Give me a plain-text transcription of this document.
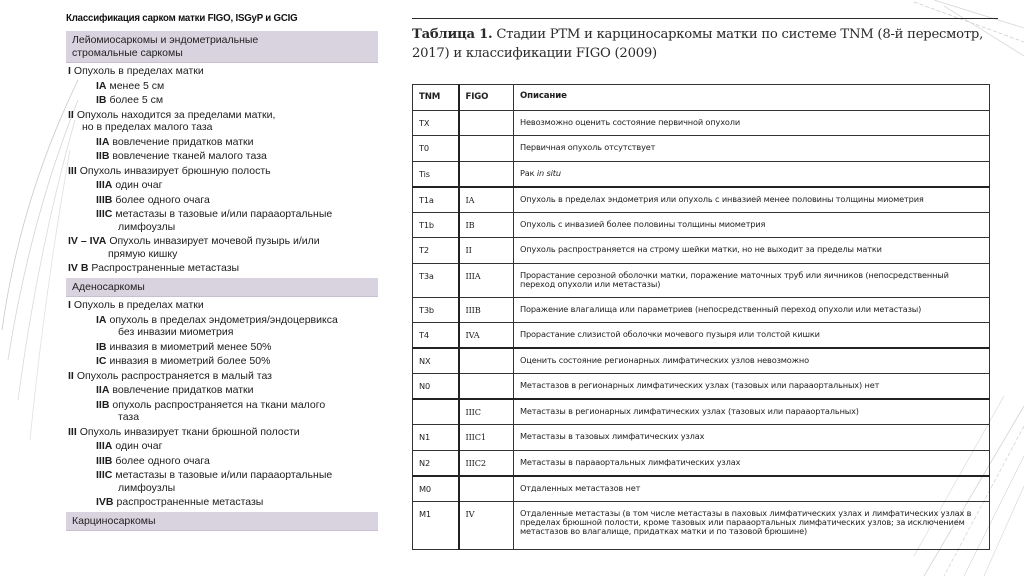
Классификация сарком матки FIGO, ISGyP и GCIG
Лейомиосаркомы и эндометриальные
стромальные саркомы
I Опухоль в пределах матки
IA менее 5 см
IB более 5 см
II Опухоль находится за пределами матки,
но в пределах малого таза
IIA вовлечение придатков матки
IIB вовлечение тканей малого таза
III Опухоль инвазирует брюшную полость
IIIA один очаг
IIIB более одного очага
IIIC метастазы в тазовые и/или парааортальные
лимфоузлы
IV – IVA Опухоль инвазирует мочевой пузырь и/или
прямую кишку
IV B Распространенные метастазы
Аденосаркомы
I Опухоль в пределах матки
IA опухоль в пределах эндометрия/эндоцервикса
без инвазии миометрия
IB инвазия в миометрий менее 50%
IC инвазия в миометрий более 50%
II Опухоль распространяется в малый таз
IIA вовлечение придатков матки
IIB опухоль распространяется на ткани малого
таза
III Опухоль инвазирует ткани брюшной полости
IIIA один очаг
IIIB более одного очага
IIIC метастазы в тазовые и/или парааортальные
лимфоузлы
IVB распространенные метастазы
Карциносаркомы
Таблица 1. Стадии РТМ и карциносаркомы матки по системе TNM (8-й пересмотр, 2017) и классификации FIGO (2009)
TNM	FIGO	Описание
TX		Невозможно оценить состояние первичной опухоли
T0		Первичная опухоль отсутствует
Tis		Рак in situ
T1a	IA	Опухоль в пределах эндометрия или опухоль с инвазией менее половины толщины миометрия
T1b	IB	Опухоль с инвазией более половины толщины миометрия
T2	II	Опухоль распространяется на строму шейки матки, но не выходит за пределы матки
T3a	IIIA	Прорастание серозной оболочки матки, поражение маточных труб или яичников (непосредственный переход опухоли или метастазы)
T3b	IIIB	Поражение влагалища или параметриев (непосредственный переход опухоли или метастазы)
T4	IVA	Прорастание слизистой оболочки мочевого пузыря или толстой кишки
NX		Оценить состояние регионарных лимфатических узлов невозможно
N0		Метастазов в регионарных лимфатических узлах (тазовых или парааортальных) нет
	IIIC	Метастазы в регионарных лимфатических узлах (тазовых или парааортальных)
N1	IIIC1	Метастазы в тазовых лимфатических узлах
N2	IIIC2	Метастазы в парааортальных лимфатических узлах
M0		Отдаленных метастазов нет
M1	IV	Отдаленные метастазы (в том числе метастазы в паховых лимфатических узлах и лимфатических узлах в пределах брюшной полости, кроме тазовых или парааортальных лимфатических узлов; за исключением метастазов во влагалище, придатках матки и по тазовой брюшине)
